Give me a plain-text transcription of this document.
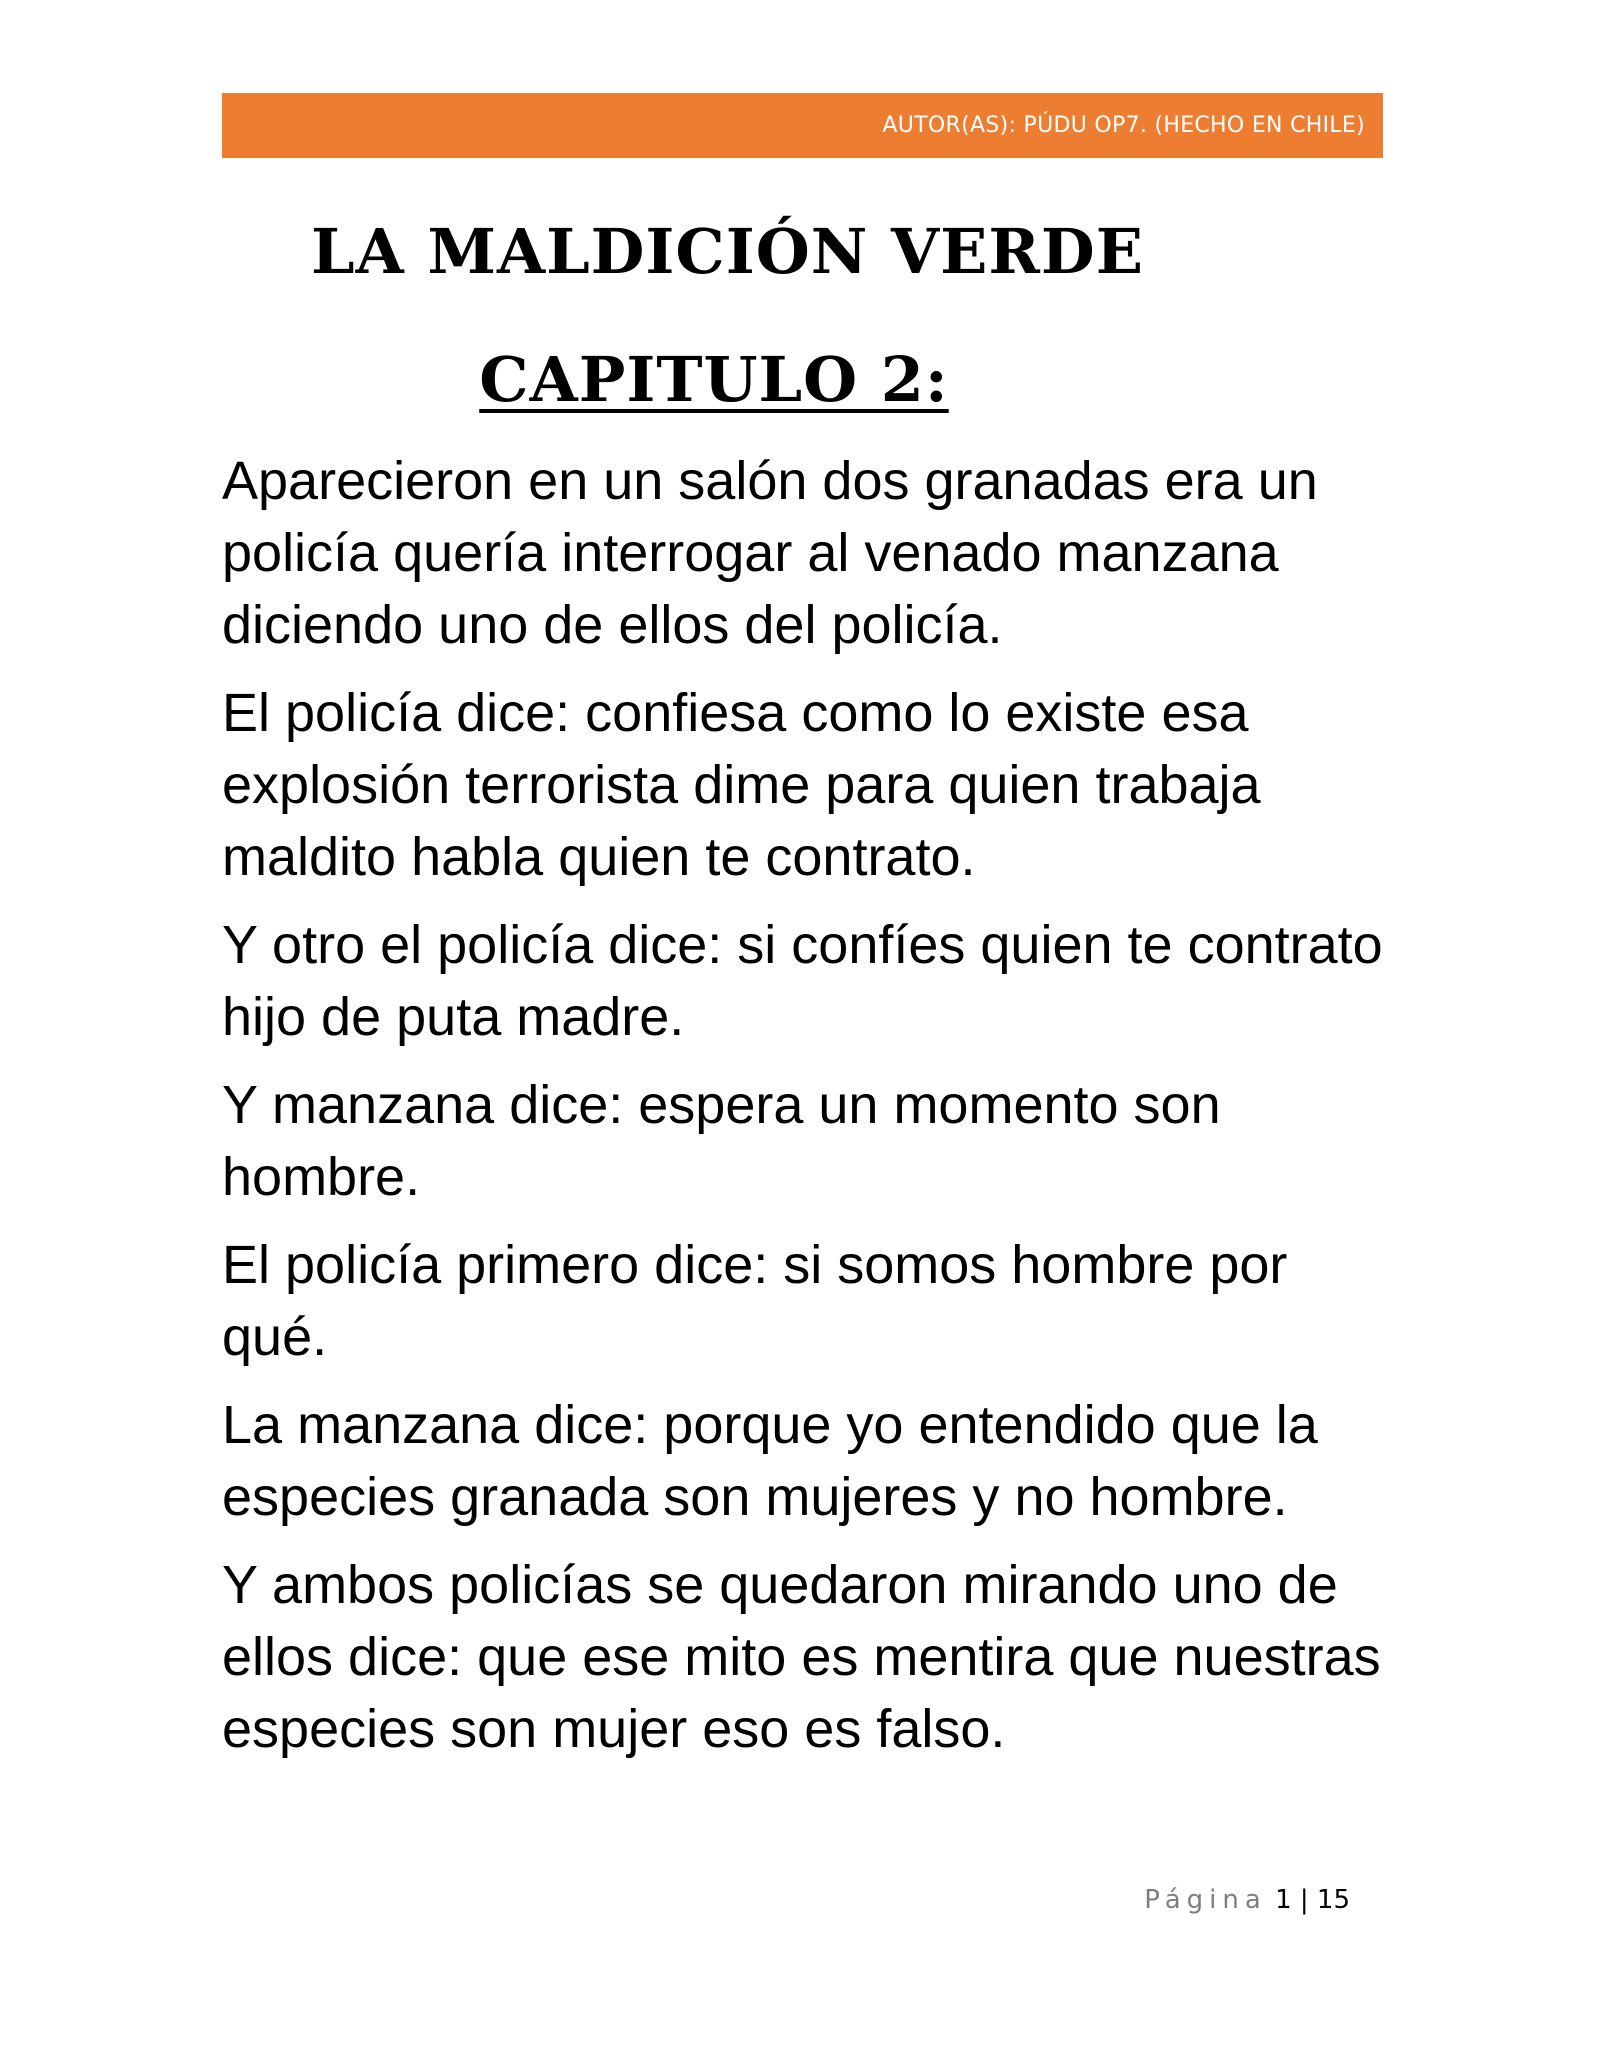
AUTOR(AS): PÚDU OP7. (HECHO EN CHILE)
LA MALDICIÓN VERDE
CAPITULO 2:

Aparecieron en un salón dos granadas era un policía quería interrogar al venado manzana diciendo uno de ellos del policía.

El policía dice: confiesa como lo existe esa explosión terrorista dime para quien trabaja maldito habla quien te contrato.

Y otro el policía dice: si confíes quien te contrato hijo de puta madre.

Y manzana dice: espera un momento son hombre.

El policía primero dice: si somos hombre por qué.

La manzana dice: porque yo entendido que la especies granada son mujeres y no hombre.

Y ambos policías se quedaron mirando uno de ellos dice: que ese mito es mentira que nuestras especies son mujer eso es falso.

Página 1 | 15
